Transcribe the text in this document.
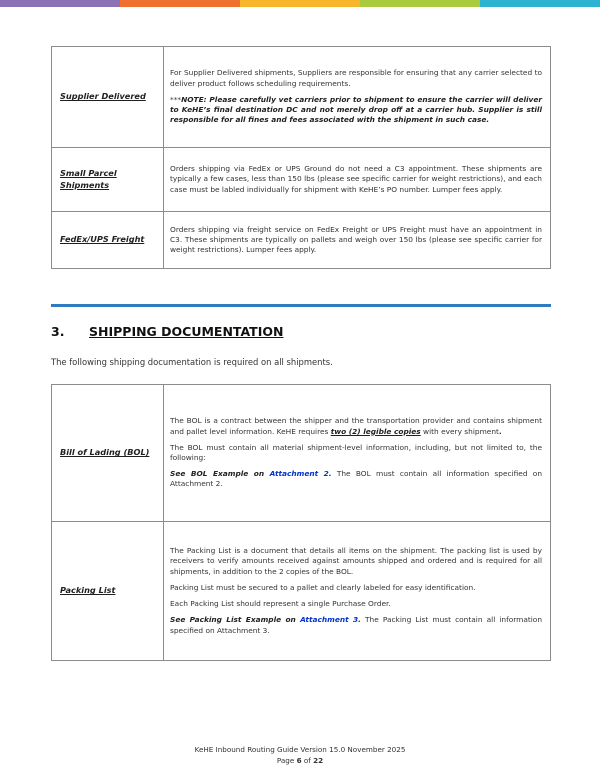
Supplier Delivered	For Supplier Delivered shipments, Suppliers are responsible for ensuring that any carrier selected to deliver product follows scheduling requirements.

***NOTE: Please carefully vet carriers prior to shipment to ensure the carrier will deliver to KeHE’s final destination DC and not merely drop off at a carrier hub. Supplier is still responsible for all fines and fees associated with the shipment in such case.

Small Parcel Shipments	Orders shipping via FedEx or UPS Ground do not need a C3 appointment. These shipments are typically a few cases, less than 150 lbs (please see specific carrier for weight restrictions), and each case must be labled individually for shipment with KeHE’s PO number. Lumper fees apply.

FedEx/UPS Freight	Orders shipping via freight service on FedEx Freight or UPS Freight must have an appointment in C3. These shipments are typically on pallets and weigh over 150 lbs (please see specific carrier for weight restrictions). Lumper fees apply.

3. SHIPPING DOCUMENTATION
The following shipping documentation is required on all shipments.
Bill of Lading (BOL)	The BOL is a contract between the shipper and the transportation provider and contains shipment and pallet level information. KeHE requires two (2) legible copies with every shipment.

The BOL must contain all material shipment-level information, including, but not limited to, the following:

See BOL Example on Attachment 2. The BOL must contain all information specified on Attachment 2.

Packing List	The Packing List is a document that details all items on the shipment. The packing list is used by receivers to verify amounts received against amounts shipped and ordered and is required for all shipments, in addition to the 2 copies of the BOL.

Packing List must be secured to a pallet and clearly labeled for easy identification.

Each Packing List should represent a single Purchase Order.

See Packing List Example on Attachment 3. The Packing List must contain all information specified on Attachment 3.

KeHE Inbound Routing Guide Version 15.0 November 2025
Page 6 of 22
